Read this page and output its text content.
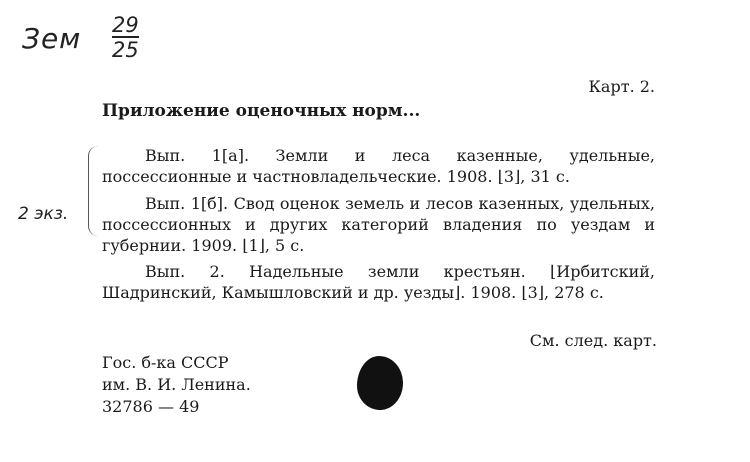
Зем $\frac{29}{25}$
2 экз.
Карт. 2.
Приложение оценочных норм...

Вып. 1[а]. Земли и леса казенные, удельные, поссессионные и частновладельческие. 1908. ⌊3⌋, 31 с.

Вып. 1[б]. Свод оценок земель и лесов казенных, удельных, поссессионных и других категорий владения по уездам и губернии. 1909. ⌊1⌋, 5 с.

Вып. 2. Надельные земли крестьян. ⌊Ирбитский, Шадринский, Камышловский и др. уезды⌋. 1908. ⌊3⌋, 278 с.

См. след. карт.
Гос. б-ка СССР
им. В. И. Ленина.
32786 — 49
